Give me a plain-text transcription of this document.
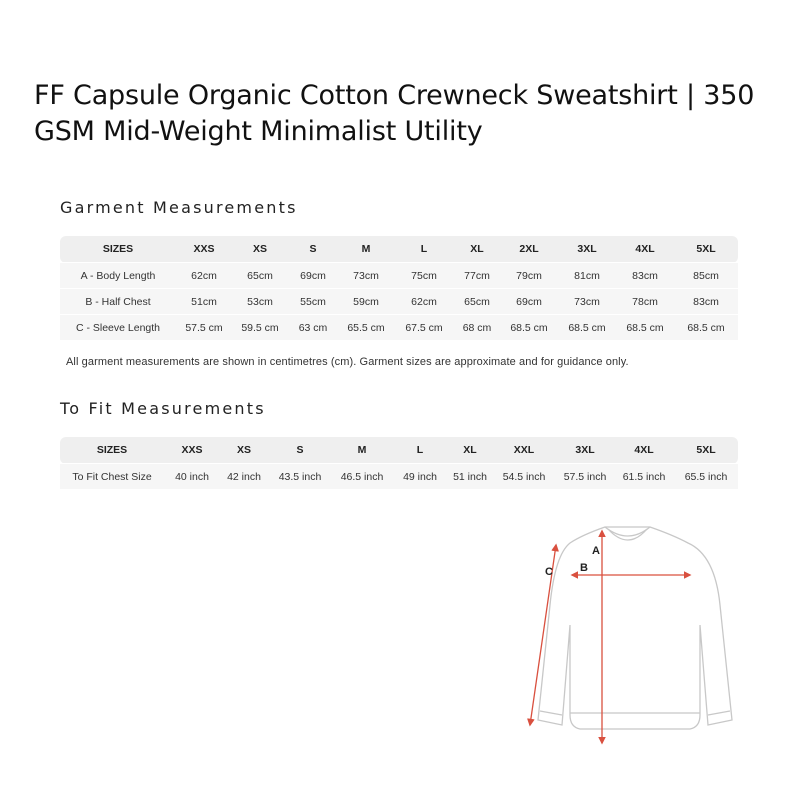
FF Capsule Organic Cotton Crewneck Sweatshirt | 350 GSM Mid-Weight Minimalist Utility
Garment Measurements
SIZES	XXS	XS	S	M	L	XL	2XL	3XL	4XL	5XL
A - Body Length	62cm	65cm	69cm	73cm	75cm	77cm	79cm	81cm	83cm	85cm
B - Half Chest	51cm	53cm	55cm	59cm	62cm	65cm	69cm	73cm	78cm	83cm
C - Sleeve Length	57.5 cm	59.5 cm	63 cm	65.5 cm	67.5 cm	68 cm	68.5 cm	68.5 cm	68.5 cm	68.5 cm
All garment measurements are shown in centimetres (cm). Garment sizes are approximate and for guidance only.
To Fit Measurements
SIZES	XXS	XS	S	M	L	XL	XXL	3XL	4XL	5XL
To Fit Chest Size	40 inch	42 inch	43.5 inch	46.5 inch	49 inch	51 inch	54.5 inch	57.5 inch	61.5 inch	65.5 inch
A
B
C
